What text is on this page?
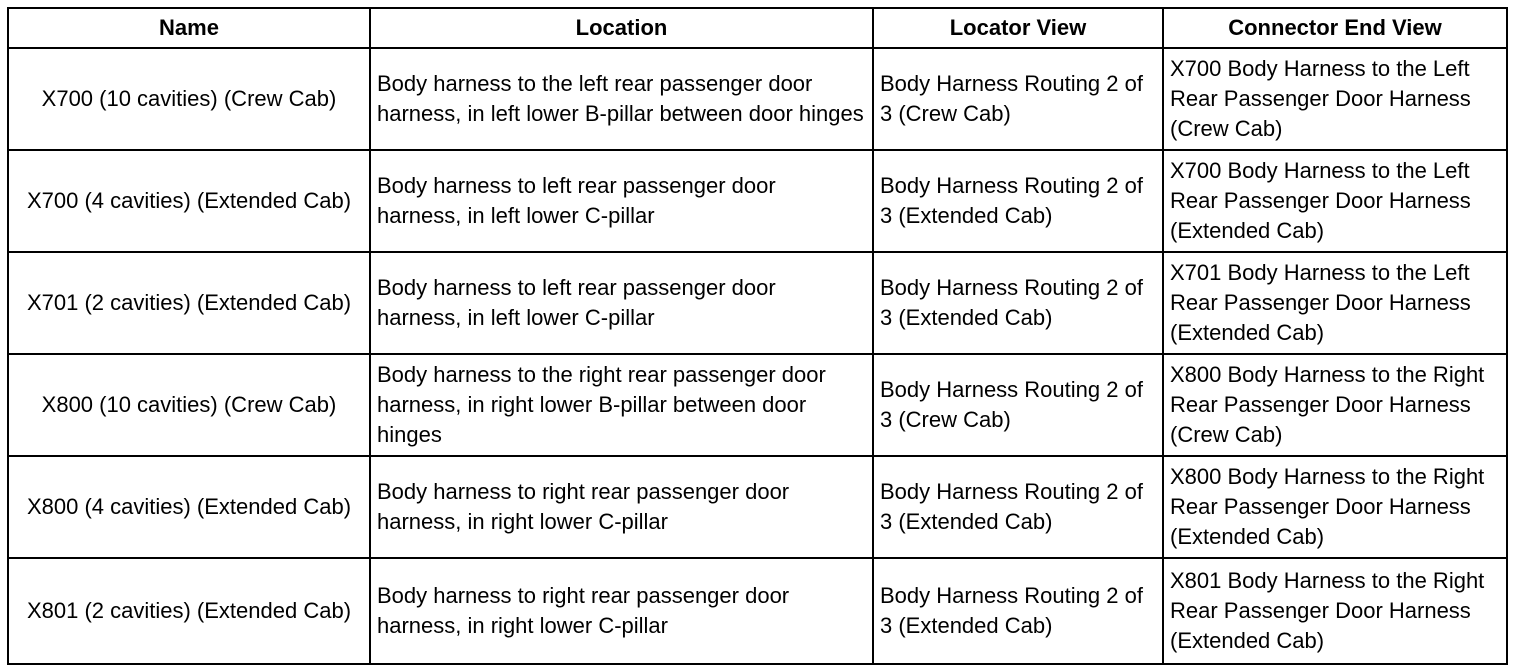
Name	Location	Locator View	Connector End View
X700 (10 cavities) (Crew Cab)	Body harness to the left rear passenger door harness, in left lower B-pillar between door hinges	Body Harness Routing 2 of 3 (Crew Cab)	X700 Body Harness to the Left Rear Passenger Door Harness (Crew Cab)
X700 (4 cavities) (Extended Cab)	Body harness to left rear passenger door harness, in left lower C-pillar	Body Harness Routing 2 of 3 (Extended Cab)	X700 Body Harness to the Left Rear Passenger Door Harness (Extended Cab)
X701 (2 cavities) (Extended Cab)	Body harness to left rear passenger door harness, in left lower C-pillar	Body Harness Routing 2 of 3 (Extended Cab)	X701 Body Harness to the Left Rear Passenger Door Harness (Extended Cab)
X800 (10 cavities) (Crew Cab)	Body harness to the right rear passenger door harness, in right lower B-pillar between door hinges	Body Harness Routing 2 of 3 (Crew Cab)	X800 Body Harness to the Right Rear Passenger Door Harness (Crew Cab)
X800 (4 cavities) (Extended Cab)	Body harness to right rear passenger door harness, in right lower C-pillar	Body Harness Routing 2 of 3 (Extended Cab)	X800 Body Harness to the Right Rear Passenger Door Harness (Extended Cab)
X801 (2 cavities) (Extended Cab)	Body harness to right rear passenger door harness, in right lower C-pillar	Body Harness Routing 2 of 3 (Extended Cab)	X801 Body Harness to the Right Rear Passenger Door Harness (Extended Cab)
